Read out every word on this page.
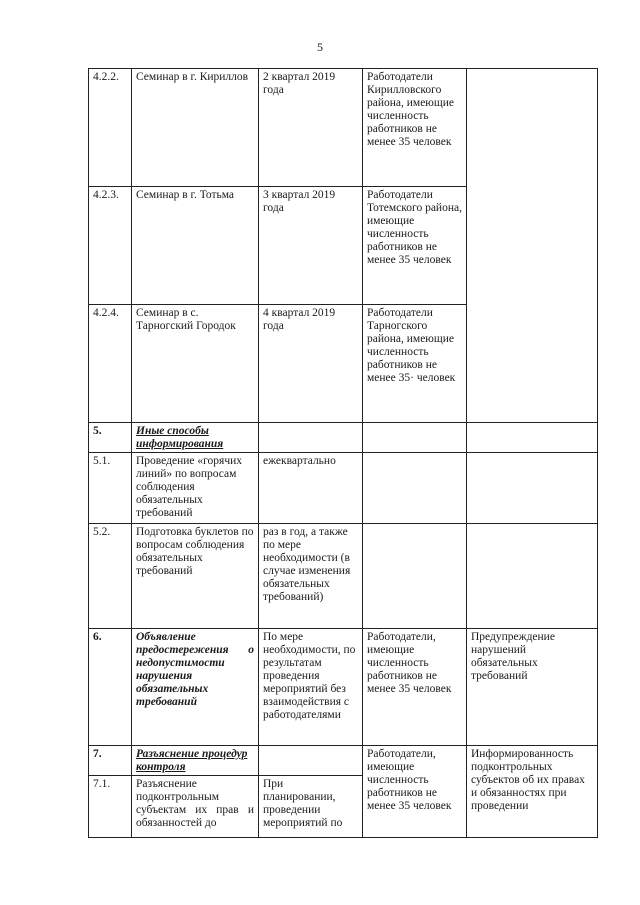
5
4.2.2.	Семинар в г. Кириллов	2 квартал 2019 года	Работодатели Кирилловского района, имеющие численность работников не менее 35 человек	
4.2.3.	Семинар в г. Тотьма	3 квартал 2019 года	Работодатели Тотемского района, имеющие численность работников не менее 35 человек	
4.2.4.	Семинар в с. Тарногский Городок	4 квартал 2019 года	Работодатели Тарногского района, имеющие численность работников не менее 35· человек	
5.	Иные способы информирования			
5.1.	Проведение «горячих линий» по вопросам соблюдения обязательных требований	ежеквартально		
5.2.	Подготовка буклетов по вопросам соблюдения обязательных требований	раз в год, а также по мере необходимости (в случае изменения обязательных требований)		
6.	Объявление предостережения о недопустимости нарушения обязательных требований	По мере необходимости, по результатам проведения мероприятий без взаимодействия с работодателями	Работодатели, имеющие численность работников не менее 35 человек	Предупреждение нарушений обязательных требований
7.	Разъяснение процедур контроля		Работодатели, имеющие численность работников не менее 35 человек	Информированность подконтрольных субъектов об их правах и обязанностях при проведении
7.1.	Разъяснение подконтрольным субъектам их прав и обязанностей до	При планировании, проведении мероприятий по		
